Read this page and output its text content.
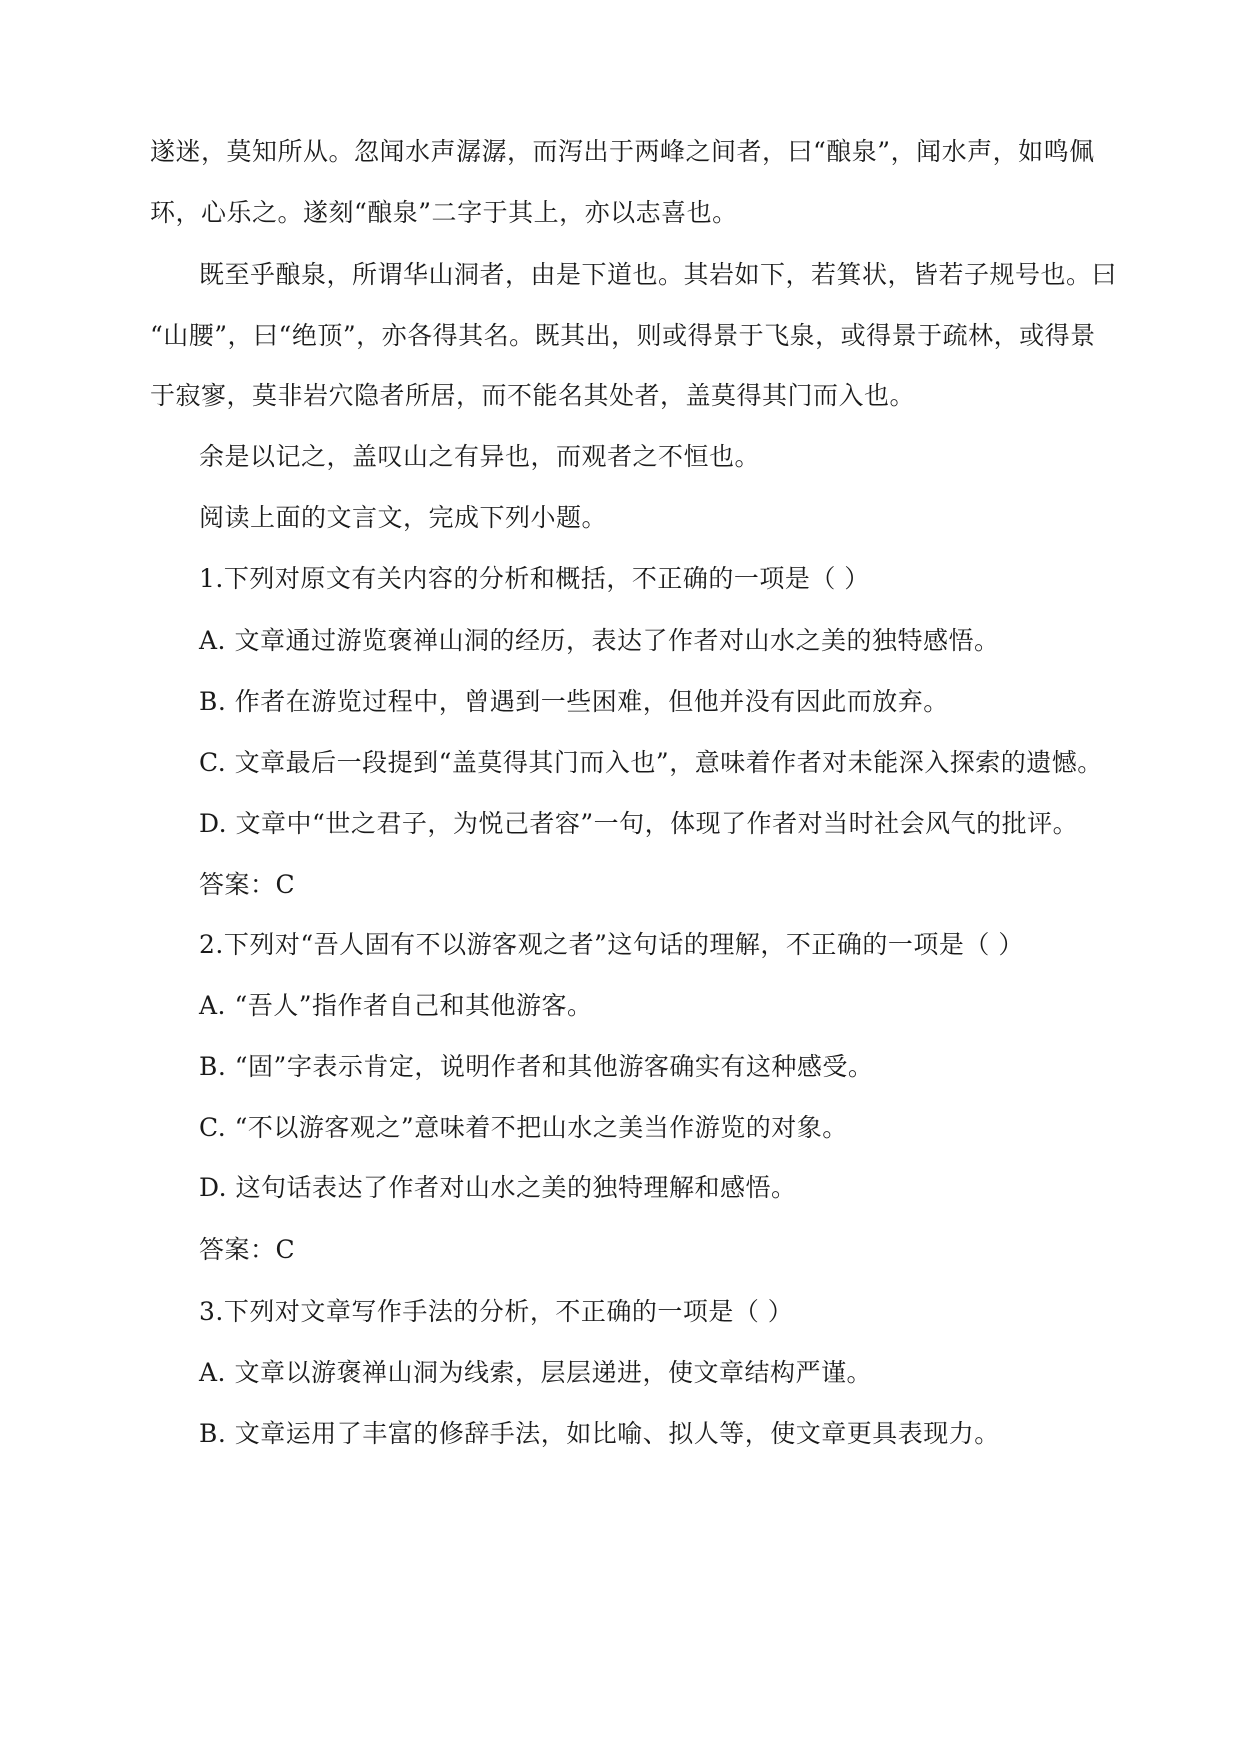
遂迷，莫知所从。忽闻水声潺潺，而泻出于两峰之间者，曰“酿泉”，闻水声，如鸣佩
环，心乐之。遂刻“酿泉”二字于其上，亦以志喜也。
既至乎酿泉，所谓华山洞者，由是下道也。其岩如下，若箕状，皆若子规号也。曰
“山腰”，曰“绝顶”，亦各得其名。既其出，则或得景于飞泉，或得景于疏林，或得景
于寂寥，莫非岩穴隐者所居，而不能名其处者，盖莫得其门而入也。
余是以记之，盖叹山之有异也，而观者之不恒也。
阅读上面的文言文，完成下列小题。
1.下列对原文有关内容的分析和概括，不正确的一项是（ ）
A. 文章通过游览褒禅山洞的经历，表达了作者对山水之美的独特感悟。
B. 作者在游览过程中，曾遇到一些困难，但他并没有因此而放弃。
C. 文章最后一段提到“盖莫得其门而入也”，意味着作者对未能深入探索的遗憾。
D. 文章中“世之君子，为悦己者容”一句，体现了作者对当时社会风气的批评。
答案：C
2.下列对“吾人固有不以游客观之者”这句话的理解，不正确的一项是（ ）
A. “吾人”指作者自己和其他游客。
B. “固”字表示肯定，说明作者和其他游客确实有这种感受。
C. “不以游客观之”意味着不把山水之美当作游览的对象。
D. 这句话表达了作者对山水之美的独特理解和感悟。
答案：C
3.下列对文章写作手法的分析，不正确的一项是（ ）
A. 文章以游褒禅山洞为线索，层层递进，使文章结构严谨。
B. 文章运用了丰富的修辞手法，如比喻、拟人等，使文章更具表现力。
